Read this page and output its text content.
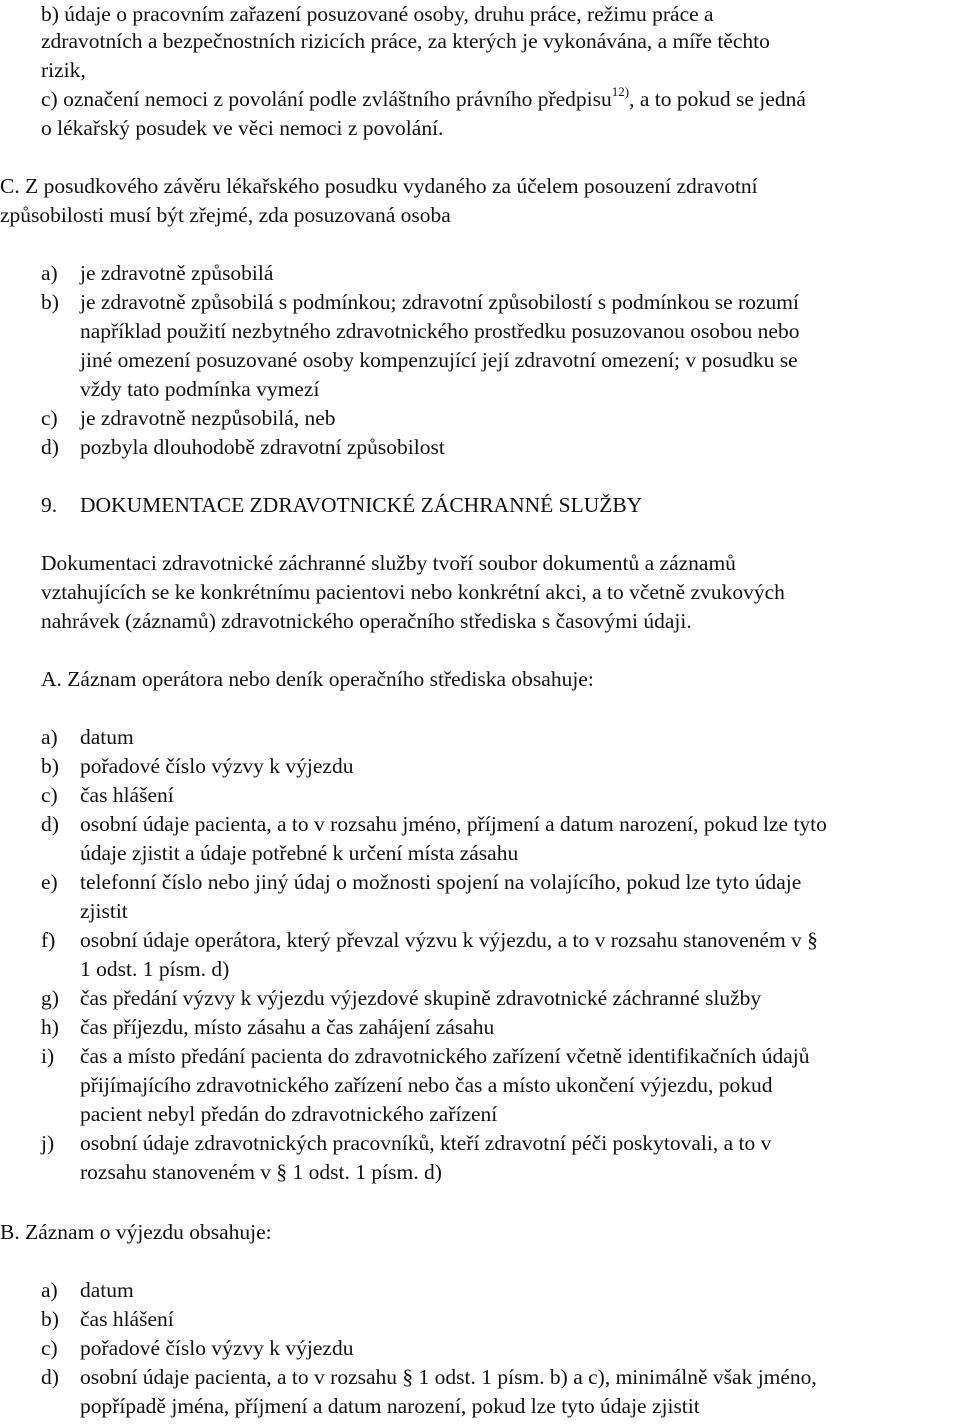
b) údaje o pracovním zařazení posuzované osoby, druhu práce, režimu práce a
zdravotních a bezpečnostních rizicích práce, za kterých je vykonávána, a míře těchto
rizik,
c) označení nemoci z povolání podle zvláštního právního předpisu$^{12)}$, a to pokud se jedná
o lékařský posudek ve věci nemoci z povolání.
C. Z posudkového závěru lékařského posudku vydaného za účelem posouzení zdravotní
způsobilosti musí být zřejmé, zda posuzovaná osoba
a) je zdravotně způsobilá
b) je zdravotně způsobilá s podmínkou; zdravotní způsobilostí s podmínkou se rozumí
například použití nezbytného zdravotnického prostředku posuzovanou osobou nebo
jiné omezení posuzované osoby kompenzující její zdravotní omezení; v posudku se
vždy tato podmínka vymezí
c) je zdravotně nezpůsobilá, neb
d) pozbyla dlouhodobě zdravotní způsobilost
9. DOKUMENTACE ZDRAVOTNICKÉ ZÁCHRANNÉ SLUŽBY
Dokumentaci zdravotnické záchranné služby tvoří soubor dokumentů a záznamů
vztahujících se ke konkrétnímu pacientovi nebo konkrétní akci, a to včetně zvukových
nahrávek (záznamů) zdravotnického operačního střediska s časovými údaji.
A. Záznam operátora nebo deník operačního střediska obsahuje:
a) datum
b) pořadové číslo výzvy k výjezdu
c) čas hlášení
d) osobní údaje pacienta, a to v rozsahu jméno, příjmení a datum narození, pokud lze tyto
údaje zjistit a údaje potřebné k určení místa zásahu
e) telefonní číslo nebo jiný údaj o možnosti spojení na volajícího, pokud lze tyto údaje
zjistit
f) osobní údaje operátora, který převzal výzvu k výjezdu, a to v rozsahu stanoveném v §
1 odst. 1 písm. d)
g) čas předání výzvy k výjezdu výjezdové skupině zdravotnické záchranné služby
h) čas příjezdu, místo zásahu a čas zahájení zásahu
i) čas a místo předání pacienta do zdravotnického zařízení včetně identifikačních údajů
přijímajícího zdravotnického zařízení nebo čas a místo ukončení výjezdu, pokud
pacient nebyl předán do zdravotnického zařízení
j) osobní údaje zdravotnických pracovníků, kteří zdravotní péči poskytovali, a to v
rozsahu stanoveném v § 1 odst. 1 písm. d)
B. Záznam o výjezdu obsahuje:
a) datum
b) čas hlášení
c) pořadové číslo výzvy k výjezdu
d) osobní údaje pacienta, a to v rozsahu § 1 odst. 1 písm. b) a c), minimálně však jméno,
popřípadě jména, příjmení a datum narození, pokud lze tyto údaje zjistit
